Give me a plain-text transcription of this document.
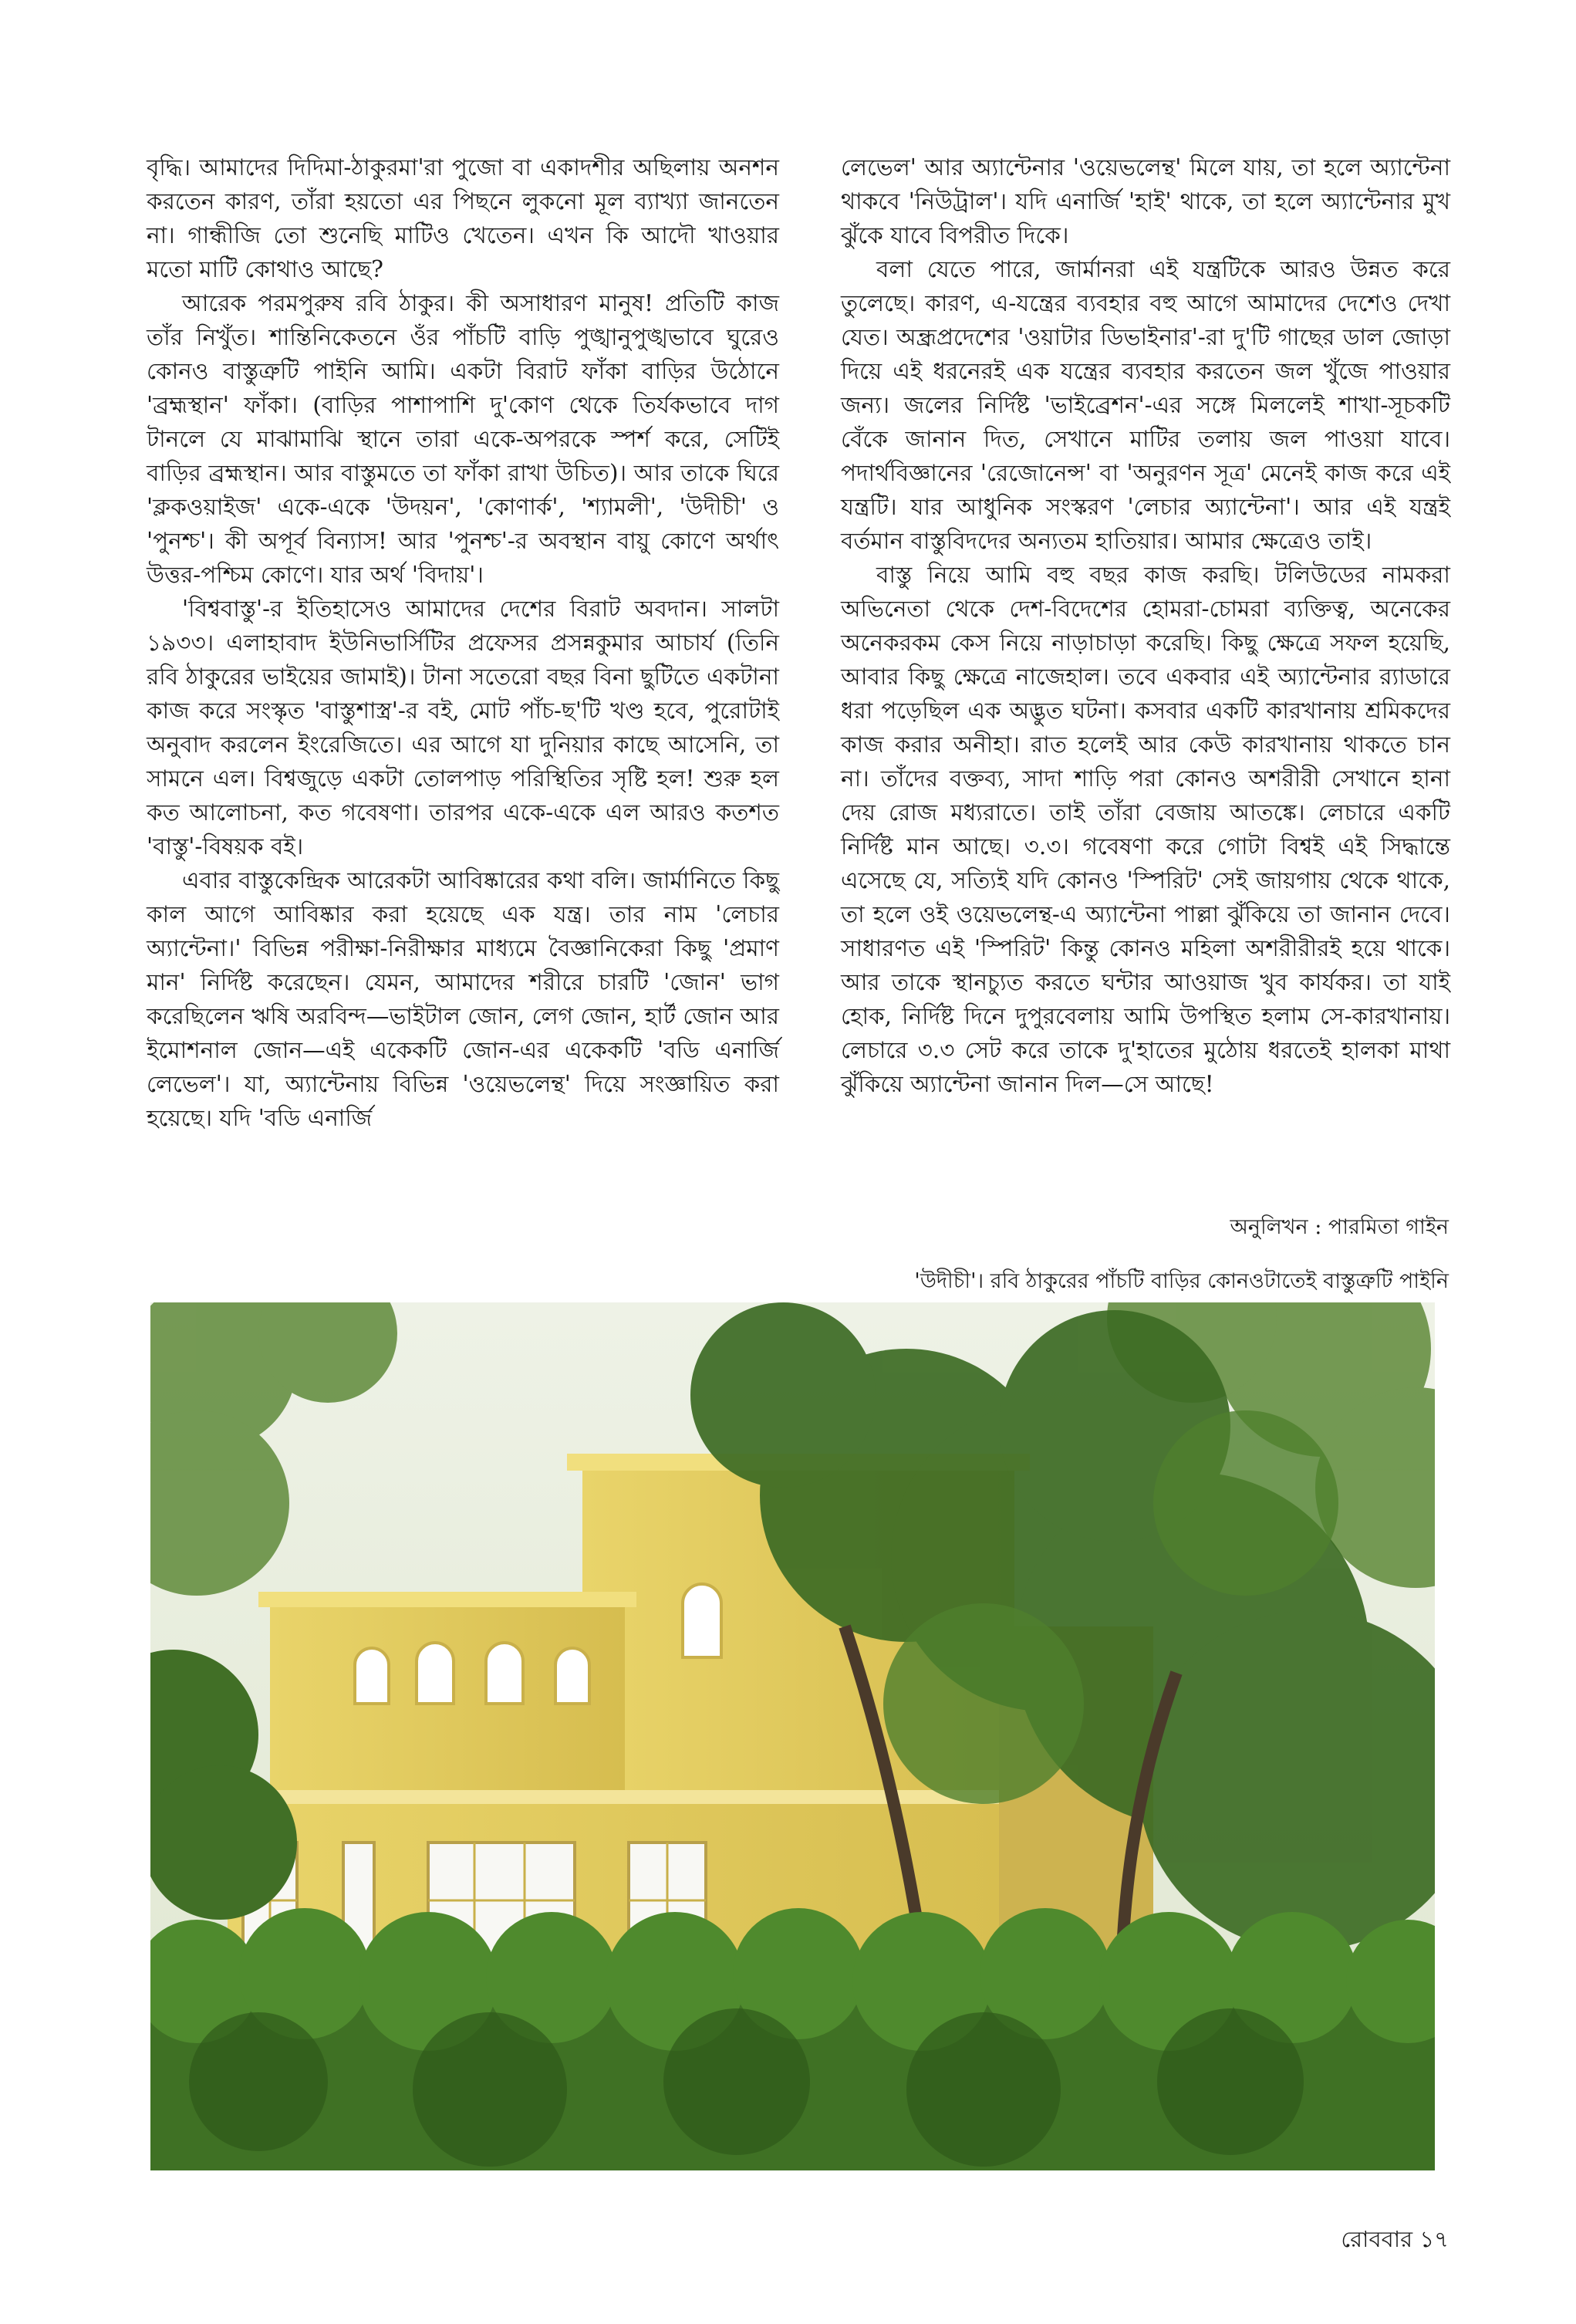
বৃদ্ধি। আমাদের দিদিমা-ঠাকুরমা'রা পুজো বা একাদশীর অছিলায় অনশন করতেন কারণ, তাঁরা হয়তো এর পিছনে লুকনো মূল ব্যাখ্যা জানতেন না। গান্ধীজি তো শুনেছি মাটিও খেতেন। এখন কি আদৌ খাওয়ার মতো মাটি কোথাও আছে?

আরেক পরমপুরুষ রবি ঠাকুর। কী অসাধারণ মানুষ! প্রতিটি কাজ তাঁর নিখুঁত। শান্তিনিকেতনে ওঁর পাঁচটি বাড়ি পুঙ্খানুপুঙ্খভাবে ঘুরেও কোনও বাস্তুত্রুটি পাইনি আমি। একটা বিরাট ফাঁকা বাড়ির উঠোনে 'ব্রহ্মস্থান' ফাঁকা। (বাড়ির পাশাপাশি দু'কোণ থেকে তির্যকভাবে দাগ টানলে যে মাঝামাঝি স্থানে তারা একে-অপরকে স্পর্শ করে, সেটিই বাড়ির ব্রহ্মস্থান। আর বাস্তুমতে তা ফাঁকা রাখা উচিত)। আর তাকে ঘিরে 'ক্লকওয়াইজ' একে-একে 'উদয়ন', 'কোণার্ক', 'শ্যামলী', 'উদীচী' ও 'পুনশ্চ'। কী অপূর্ব বিন্যাস! আর 'পুনশ্চ'-র অবস্থান বায়ু কোণে অর্থাৎ উত্তর-পশ্চিম কোণে। যার অর্থ 'বিদায়'।

'বিশ্ববাস্তু'-র ইতিহাসেও আমাদের দেশের বিরাট অবদান। সালটা ১৯৩৩। এলাহাবাদ ইউনিভার্সিটির প্রফেসর প্রসন্নকুমার আচার্য (তিনি রবি ঠাকুরের ভাইয়ের জামাই)। টানা সতেরো বছর বিনা ছুটিতে একটানা কাজ করে সংস্কৃত 'বাস্তুশাস্ত্র'-র বই, মোট পাঁচ-ছ'টি খণ্ড হবে, পুরোটাই অনুবাদ করলেন ইংরেজিতে। এর আগে যা দুনিয়ার কাছে আসেনি, তা সামনে এল। বিশ্বজুড়ে একটা তোলপাড় পরিস্থিতির সৃষ্টি হল! শুরু হল কত আলোচনা, কত গবেষণা। তারপর একে-একে এল আরও কতশত 'বাস্তু'-বিষয়ক বই।

এবার বাস্তুকেন্দ্রিক আরেকটা আবিষ্কারের কথা বলি। জার্মানিতে কিছু কাল আগে আবিষ্কার করা হয়েছে এক যন্ত্র। তার নাম 'লেচার অ্যান্টেনা।' বিভিন্ন পরীক্ষা-নিরীক্ষার মাধ্যমে বৈজ্ঞানিকেরা কিছু 'প্রমাণ মান' নির্দিষ্ট করেছেন। যেমন, আমাদের শরীরে চারটি 'জোন' ভাগ করেছিলেন ঋষি অরবিন্দ—ভাইটাল জোন, লেগ জোন, হার্ট জোন আর ইমোশনাল জোন—এই একেকটি জোন-এর একেকটি 'বডি এনার্জি লেভেল'। যা, অ্যান্টেনায় বিভিন্ন 'ওয়েভলেন্থ' দিয়ে সংজ্ঞায়িত করা হয়েছে। যদি 'বডি এনার্জি

লেভেল' আর অ্যান্টেনার 'ওয়েভলেন্থ' মিলে যায়, তা হলে অ্যান্টেনা থাকবে 'নিউট্রাল'। যদি এনার্জি 'হাই' থাকে, তা হলে অ্যান্টেনার মুখ ঝুঁকে যাবে বিপরীত দিকে।

বলা যেতে পারে, জার্মানরা এই যন্ত্রটিকে আরও উন্নত করে তুলেছে। কারণ, এ-যন্ত্রের ব্যবহার বহু আগে আমাদের দেশেও দেখা যেত। অন্ধ্রপ্রদেশের 'ওয়াটার ডিভাইনার'-রা দু'টি গাছের ডাল জোড়া দিয়ে এই ধরনেরই এক যন্ত্রের ব্যবহার করতেন জল খুঁজে পাওয়ার জন্য। জলের নির্দিষ্ট 'ভাইব্রেশন'-এর সঙ্গে মিললেই শাখা-সূচকটি বেঁকে জানান দিত, সেখানে মাটির তলায় জল পাওয়া যাবে। পদার্থবিজ্ঞানের 'রেজোনেন্স' বা 'অনুরণন সূত্র' মেনেই কাজ করে এই যন্ত্রটি। যার আধুনিক সংস্করণ 'লেচার অ্যান্টেনা'। আর এই যন্ত্রই বর্তমান বাস্তুবিদদের অন্যতম হাতিয়ার। আমার ক্ষেত্রেও তাই।

বাস্তু নিয়ে আমি বহু বছর কাজ করছি। টলিউডের নামকরা অভিনেতা থেকে দেশ-বিদেশের হোমরা-চোমরা ব্যক্তিত্ব, অনেকের অনেকরকম কেস নিয়ে নাড়াচাড়া করেছি। কিছু ক্ষেত্রে সফল হয়েছি, আবার কিছু ক্ষেত্রে নাজেহাল। তবে একবার এই অ্যান্টেনার র‍্যাডারে ধরা পড়েছিল এক অদ্ভুত ঘটনা। কসবার একটি কারখানায় শ্রমিকদের কাজ করার অনীহা। রাত হলেই আর কেউ কারখানায় থাকতে চান না। তাঁদের বক্তব্য, সাদা শাড়ি পরা কোনও অশরীরী সেখানে হানা দেয় রোজ মধ্যরাতে। তাই তাঁরা বেজায় আতঙ্কে। লেচারে একটি নির্দিষ্ট মান আছে। ৩.৩। গবেষণা করে গোটা বিশ্বই এই সিদ্ধান্তে এসেছে যে, সত্যিই যদি কোনও 'স্পিরিট' সেই জায়গায় থেকে থাকে, তা হলে ওই ওয়েভলেন্থ-এ অ্যান্টেনা পাল্লা ঝুঁকিয়ে তা জানান দেবে। সাধারণত এই 'স্পিরিট' কিন্তু কোনও মহিলা অশরীরীরই হয়ে থাকে। আর তাকে স্থানচ্যুত করতে ঘন্টার আওয়াজ খুব কার্যকর। তা যাই হোক, নির্দিষ্ট দিনে দুপুরবেলায় আমি উপস্থিত হলাম সে-কারখানায়। লেচারে ৩.৩ সেট করে তাকে দু'হাতের মুঠোয় ধরতেই হালকা মাথা ঝুঁকিয়ে অ্যান্টেনা জানান দিল—সে আছে!

অনুলিখন : পারমিতা গাইন
'উদীচী'। রবি ঠাকুরের পাঁচটি বাড়ির কোনওটাতেই বাস্তুত্রুটি পাইনি
রোববার ১৭
